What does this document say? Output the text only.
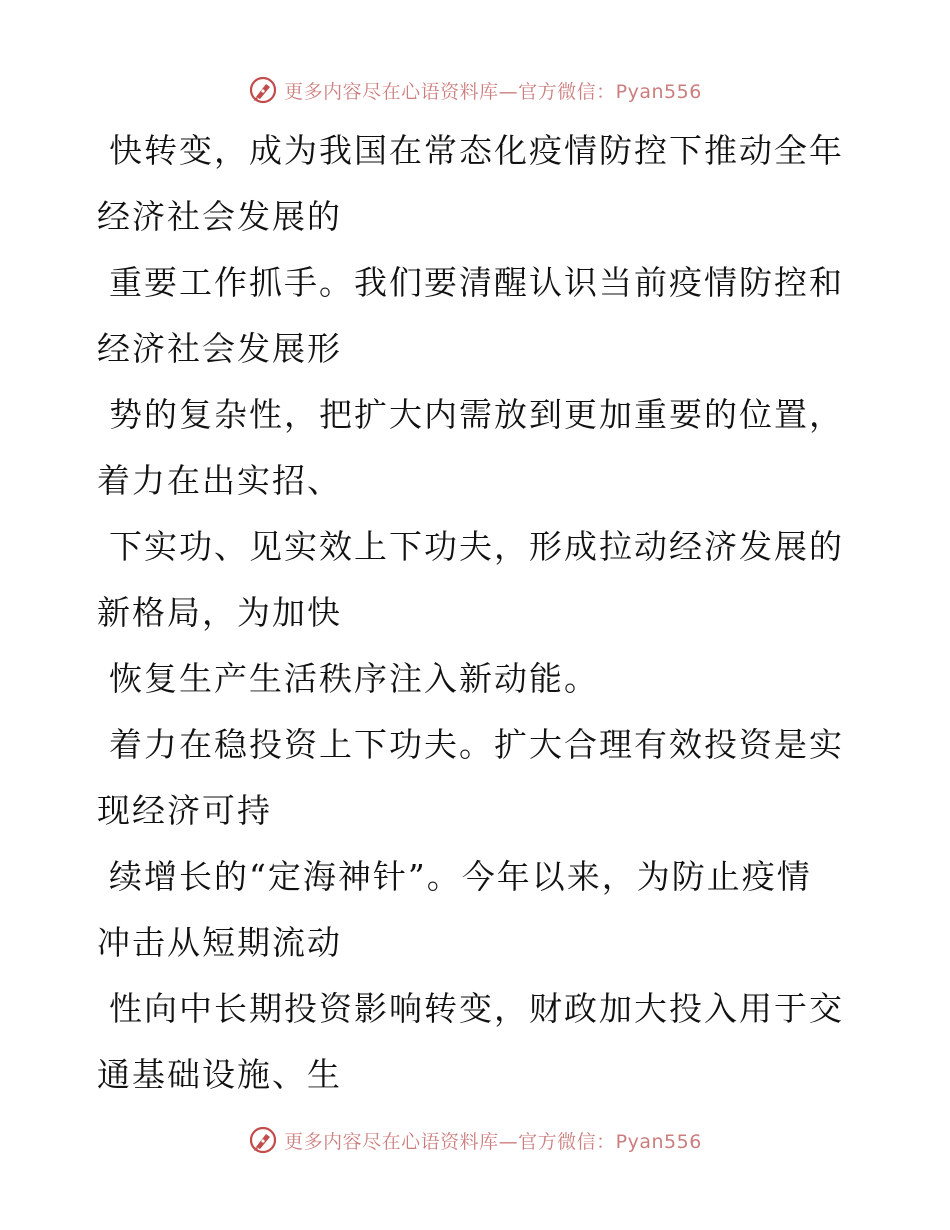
更多内容尽在心语资料库—官方微信：Pyan556
快转变，成为我国在常态化疫情防控下推动全年
经济社会发展的
重要工作抓手。我们要清醒认识当前疫情防控和
经济社会发展形
势的复杂性，把扩大内需放到更加重要的位置，
着力在出实招、
下实功、见实效上下功夫，形成拉动经济发展的
新格局，为加快
恢复生产生活秩序注入新动能。
着力在稳投资上下功夫。扩大合理有效投资是实
现经济可持
续增长的“定海神针”。今年以来，为防止疫情
冲击从短期流动
性向中长期投资影响转变，财政加大投入用于交
通基础设施、生
更多内容尽在心语资料库—官方微信：Pyan556
